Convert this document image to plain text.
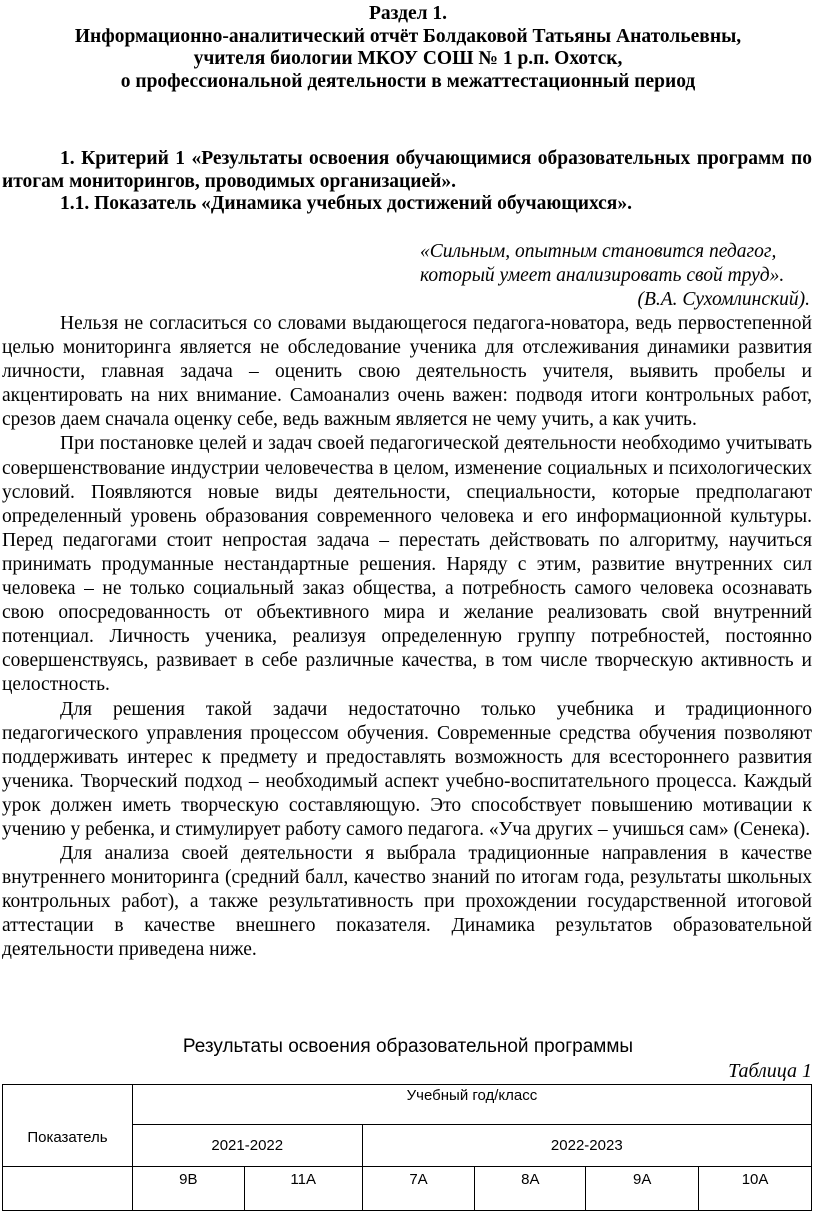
Раздел 1.
Информационно-аналитический отчёт Болдаковой Татьяны Анатольевны,
учителя биологии МКОУ СОШ № 1 р.п. Охотск,
о профессиональной деятельности в межаттестационный период
1. Критерий 1 «Результаты освоения обучающимися образовательных программ по итогам мониторингов, проводимых организацией».
1.1. Показатель «Динамика учебных достижений обучающихся».
«Сильным, опытным становится педагог,
который умеет анализировать свой труд».
(В.А. Сухомлинский).

Нельзя не согласиться со словами выдающегося педагога-новатора, ведь первостепенной целью мониторинга является не обследование ученика для отслеживания динамики развития личности, главная задача – оценить свою деятельность учителя, выявить пробелы и акцентировать на них внимание. Самоанализ очень важен: подводя итоги контрольных работ, срезов даем сначала оценку себе, ведь важным является не чему учить, а как учить.

При постановке целей и задач своей педагогической деятельности необходимо учитывать совершенствование индустрии человечества в целом, изменение социальных и психологических условий. Появляются новые виды деятельности, специальности, которые предполагают определенный уровень образования современного человека и его информационной культуры. Перед педагогами стоит непростая задача – перестать действовать по алгоритму, научиться принимать продуманные нестандартные решения. Наряду с этим, развитие внутренних сил человека – не только социальный заказ общества, а потребность самого человека осознавать свою опосредованность от объективного мира и желание реализовать свой внутренний потенциал. Личность ученика, реализуя определенную группу потребностей, постоянно совершенствуясь, развивает в себе различные качества, в том числе творческую активность и целостность.

Для решения такой задачи недостаточно только учебника и традиционного педагогического управления процессом обучения. Современные средства обучения позволяют поддерживать интерес к предмету и предоставлять возможность для всестороннего развития ученика. Творческий подход – необходимый аспект учебно-воспитательного процесса. Каждый урок должен иметь творческую составляющую. Это способствует повышению мотивации к учению у ребенка, и стимулирует работу самого педагога. «Уча других – учишься сам» (Сенека).

Для анализа своей деятельности я выбрала традиционные направления в качестве внутреннего мониторинга (средний балл, качество знаний по итогам года, результаты школьных контрольных работ), а также результативность при прохождении государственной итоговой аттестации в качестве внешнего показателя. Динамика результатов образовательной деятельности приведена ниже.

Результаты освоения образовательной программы
Таблица 1
Показатель	Учебный год/класс					
	2021-2022		2022-2023			
	9В	11А	7А	8А	9А	10А
